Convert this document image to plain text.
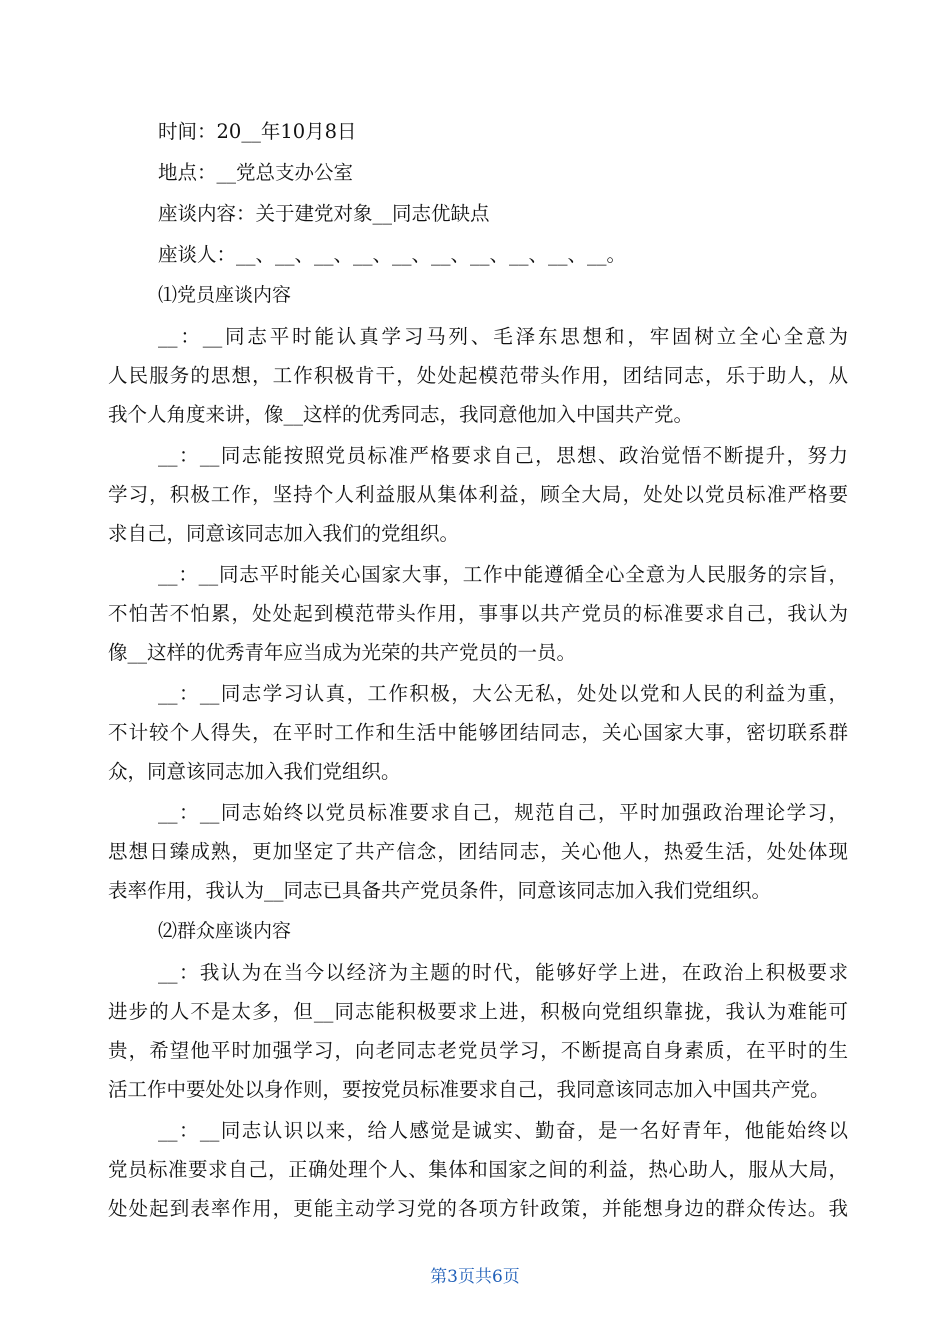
时间：20__年10月8日
地点：__党总支办公室
座谈内容：关于建党对象__同志优缺点
座谈人：__、__、__、__、__、__、__、__、__、__。
⑴党员座谈内容
__：__同志平时能认真学习马列、毛泽东思想和，牢固树立全心全意为
人民服务的思想，工作积极肯干，处处起模范带头作用，团结同志，乐于助人，从
我个人角度来讲，像__这样的优秀同志，我同意他加入中国共产党。
__：__同志能按照党员标准严格要求自己，思想、政治觉悟不断提升，努力
学习，积极工作，坚持个人利益服从集体利益，顾全大局，处处以党员标准严格要
求自己，同意该同志加入我们的党组织。
__：__同志平时能关心国家大事，工作中能遵循全心全意为人民服务的宗旨，
不怕苦不怕累，处处起到模范带头作用，事事以共产党员的标准要求自己，我认为
像__这样的优秀青年应当成为光荣的共产党员的一员。
__：__同志学习认真，工作积极，大公无私，处处以党和人民的利益为重，
不计较个人得失，在平时工作和生活中能够团结同志，关心国家大事，密切联系群
众，同意该同志加入我们党组织。
__：__同志始终以党员标准要求自己，规范自己，平时加强政治理论学习，
思想日臻成熟，更加坚定了共产信念，团结同志，关心他人，热爱生活，处处体现
表率作用，我认为__同志已具备共产党员条件，同意该同志加入我们党组织。
⑵群众座谈内容
__：我认为在当今以经济为主题的时代，能够好学上进，在政治上积极要求
进步的人不是太多，但__同志能积极要求上进，积极向党组织靠拢，我认为难能可
贵，希望他平时加强学习，向老同志老党员学习，不断提高自身素质，在平时的生
活工作中要处处以身作则，要按党员标准要求自己，我同意该同志加入中国共产党。
__：__同志认识以来，给人感觉是诚实、勤奋，是一名好青年，他能始终以
党员标准要求自己，正确处理个人、集体和国家之间的利益，热心助人，服从大局，
处处起到表率作用，更能主动学习党的各项方针政策，并能想身边的群众传达。我
第3页共6页
